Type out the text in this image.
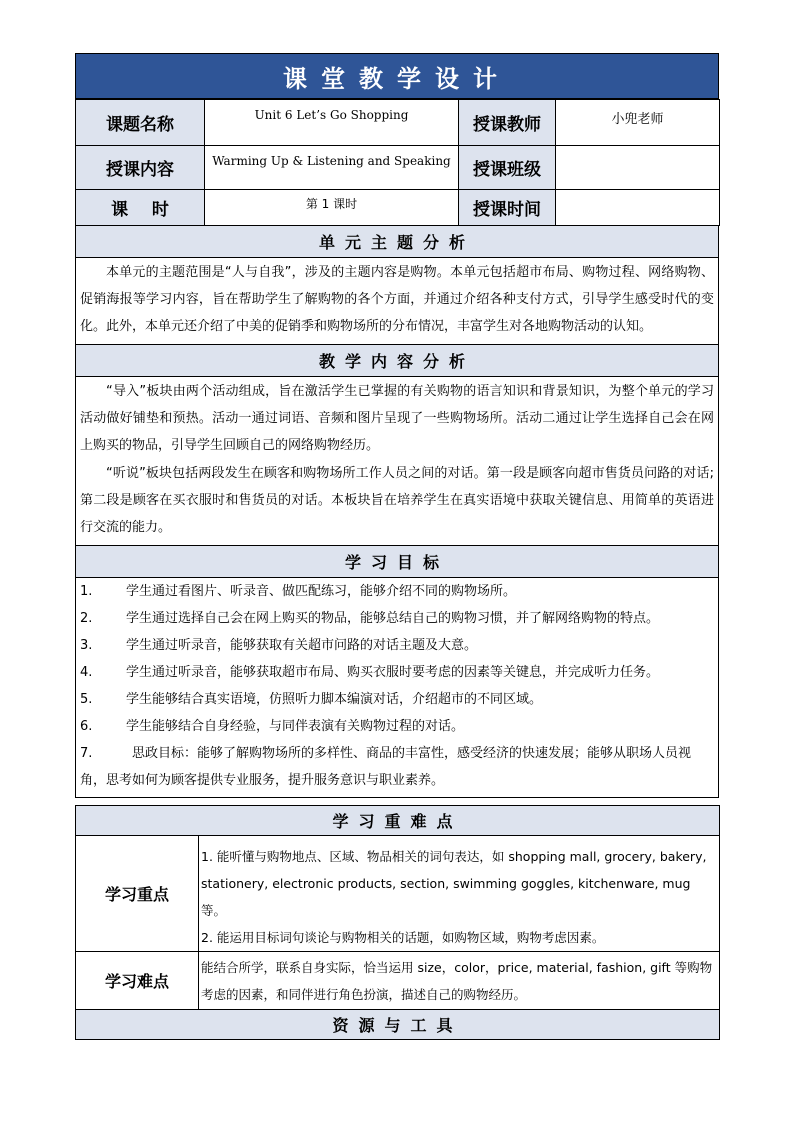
课堂教学设计
课题名称	Unit 6 Let’s Go Shopping	授课教师	小兜老师
授课内容	Warming Up & Listening and Speaking	授课班级	
课    时	第 1 课时	授课时间	
单元主题分析
本单元的主题范围是“人与自我”，涉及的主题内容是购物。本单元包括超市布局、购物过程、网络购物、促销海报等学习内容，旨在帮助学生了解购物的各个方面，并通过介绍各种支付方式，引导学生感受时代的变化。此外，本单元还介绍了中美的促销季和购物场所的分布情况，丰富学生对各地购物活动的认知。
教学内容分析
“导入”板块由两个活动组成，旨在激活学生已掌握的有关购物的语言知识和背景知识，为整个单元的学习活动做好铺垫和预热。活动一通过词语、音频和图片呈现了一些购物场所。活动二通过让学生选择自己会在网上购买的物品，引导学生回顾自己的网络购物经历。
“听说”板块包括两段发生在顾客和购物场所工作人员之间的对话。第一段是顾客向超市售货员问路的对话;第二段是顾客在买衣服时和售货员的对话。本板块旨在培养学生在真实语境中获取关键信息、用简单的英语进行交流的能力。
学习目标
1.	学生通过看图片、听录音、做匹配练习，能够介绍不同的购物场所。
2.	学生通过选择自己会在网上购买的物品，能够总结自己的购物习惯，并了解网络购物的特点。
3.	学生通过听录音，能够获取有关超市问路的对话主题及大意。
4.	学生通过听录音，能够获取超市布局、购买衣服时要考虑的因素等关键息，并完成听力任务。
5.	学生能够结合真实语境，仿照听力脚本编演对话，介绍超市的不同区域。
6.	学生能够结合自身经验，与同伴表演有关购物过程的对话。
7.	思政目标：能够了解购物场所的多样性、商品的丰富性，感受经济的快速发展；能够从职场人员视角，思考如何为顾客提供专业服务，提升服务意识与职业素养。
学习重难点	
学习重点	1. 能听懂与购物地点、区域、物品相关的词句表达，如 shopping mall, grocery, bakery, stationery, electronic products, section, swimming goggles, kitchenware, mug 等。
2. 能运用目标词句谈论与购物相关的话题，如购物区域，购物考虑因素。

学习难点	能结合所学，联系自身实际，恰当运用 size，color，price, material, fashion, gift 等购物考虑的因素，和同伴进行角色扮演，描述自己的购物经历。
资源与工具	
